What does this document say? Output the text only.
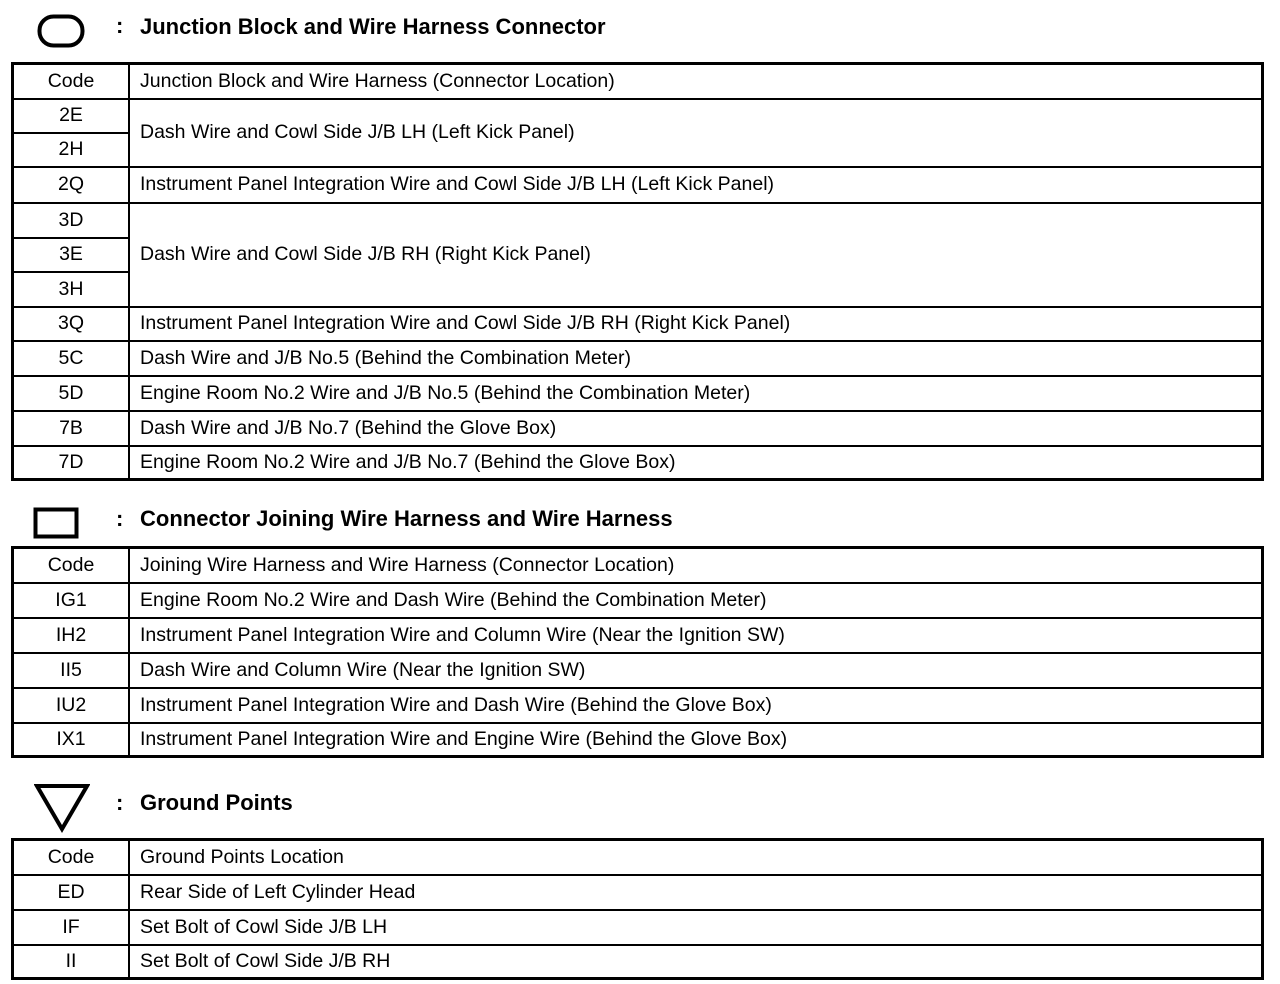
: Junction Block and Wire Harness Connector
Code	Junction Block and Wire Harness (Connector Location)
2E	Dash Wire and Cowl Side J/B LH (Left Kick Panel)
2H	
2Q	Instrument Panel Integration Wire and Cowl Side J/B LH (Left Kick Panel)
3D	Dash Wire and Cowl Side J/B RH (Right Kick Panel)
3E	
3H	
3Q	Instrument Panel Integration Wire and Cowl Side J/B RH (Right Kick Panel)
5C	Dash Wire and J/B No.5 (Behind the Combination Meter)
5D	Engine Room No.2 Wire and J/B No.5 (Behind the Combination Meter)
7B	Dash Wire and J/B No.7 (Behind the Glove Box)
7D	Engine Room No.2 Wire and J/B No.7 (Behind the Glove Box)
: Connector Joining Wire Harness and Wire Harness
Code	Joining Wire Harness and Wire Harness (Connector Location)
IG1	Engine Room No.2 Wire and Dash Wire (Behind the Combination Meter)
IH2	Instrument Panel Integration Wire and Column Wire (Near the Ignition SW)
II5	Dash Wire and Column Wire (Near the Ignition SW)
IU2	Instrument Panel Integration Wire and Dash Wire (Behind the Glove Box)
IX1	Instrument Panel Integration Wire and Engine Wire (Behind the Glove Box)
: Ground Points
Code	Ground Points Location
ED	Rear Side of Left Cylinder Head
IF	Set Bolt of Cowl Side J/B LH
II	Set Bolt of Cowl Side J/B RH
